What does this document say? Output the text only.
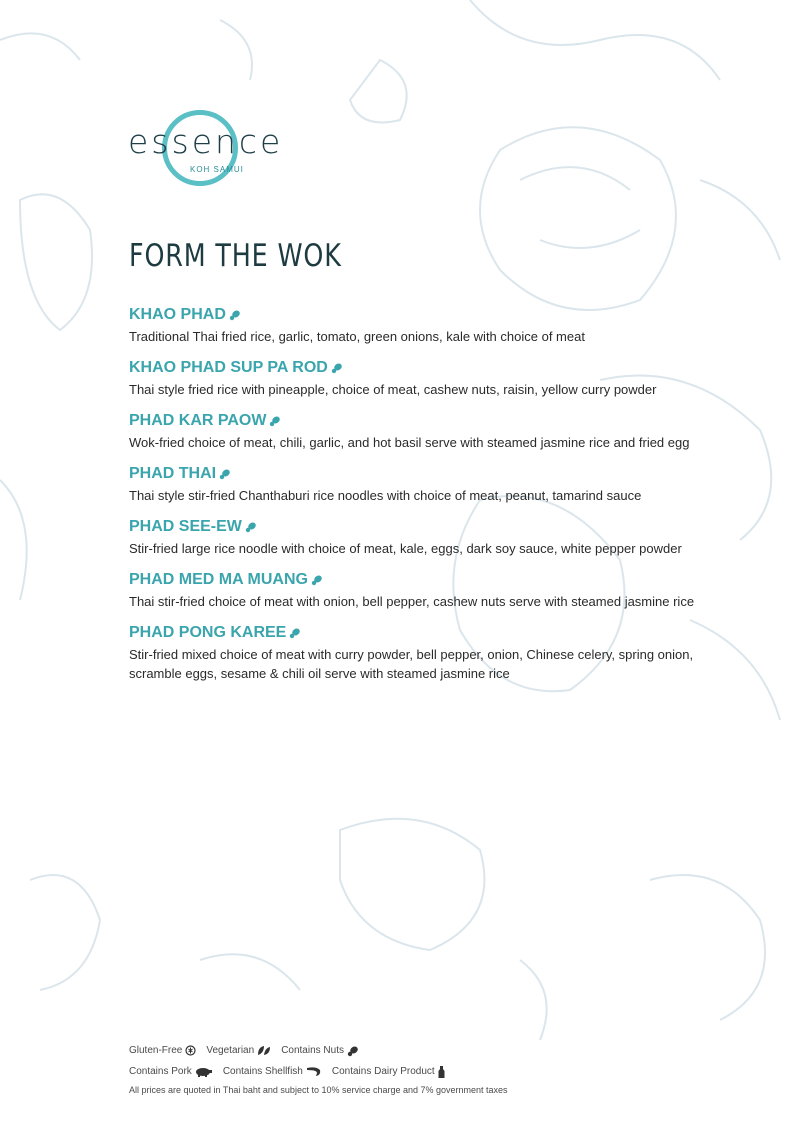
essence
KOH SAMUI
FORM THE WOK
KHAO PHAD
Traditional Thai fried rice, garlic, tomato, green onions, kale with choice of meat
KHAO PHAD SUP PA ROD
Thai style fried rice with pineapple, choice of meat, cashew nuts, raisin, yellow curry powder
PHAD KAR PAOW
Wok-fried choice of meat, chili, garlic, and hot basil serve with steamed jasmine rice and fried egg
PHAD THAI
Thai style stir-fried Chanthaburi rice noodles with choice of meat, peanut, tamarind sauce
PHAD SEE-EW
Stir-fried large rice noodle with choice of meat, kale, eggs, dark soy sauce, white pepper powder
PHAD MED MA MUANG
Thai stir-fried choice of meat with onion, bell pepper, cashew nuts serve with steamed jasmine rice
PHAD PONG KAREE
Stir-fried mixed choice of meat with curry powder, bell pepper, onion, Chinese celery, spring onion, scramble eggs, sesame & chili oil serve with steamed jasmine rice
Gluten-Free Vegetarian	Contains Nuts
Contains Pork	Contains Shellfish	Contains Dairy Product
All prices are quoted in Thai baht and subject to 10% service charge and 7% government taxes
